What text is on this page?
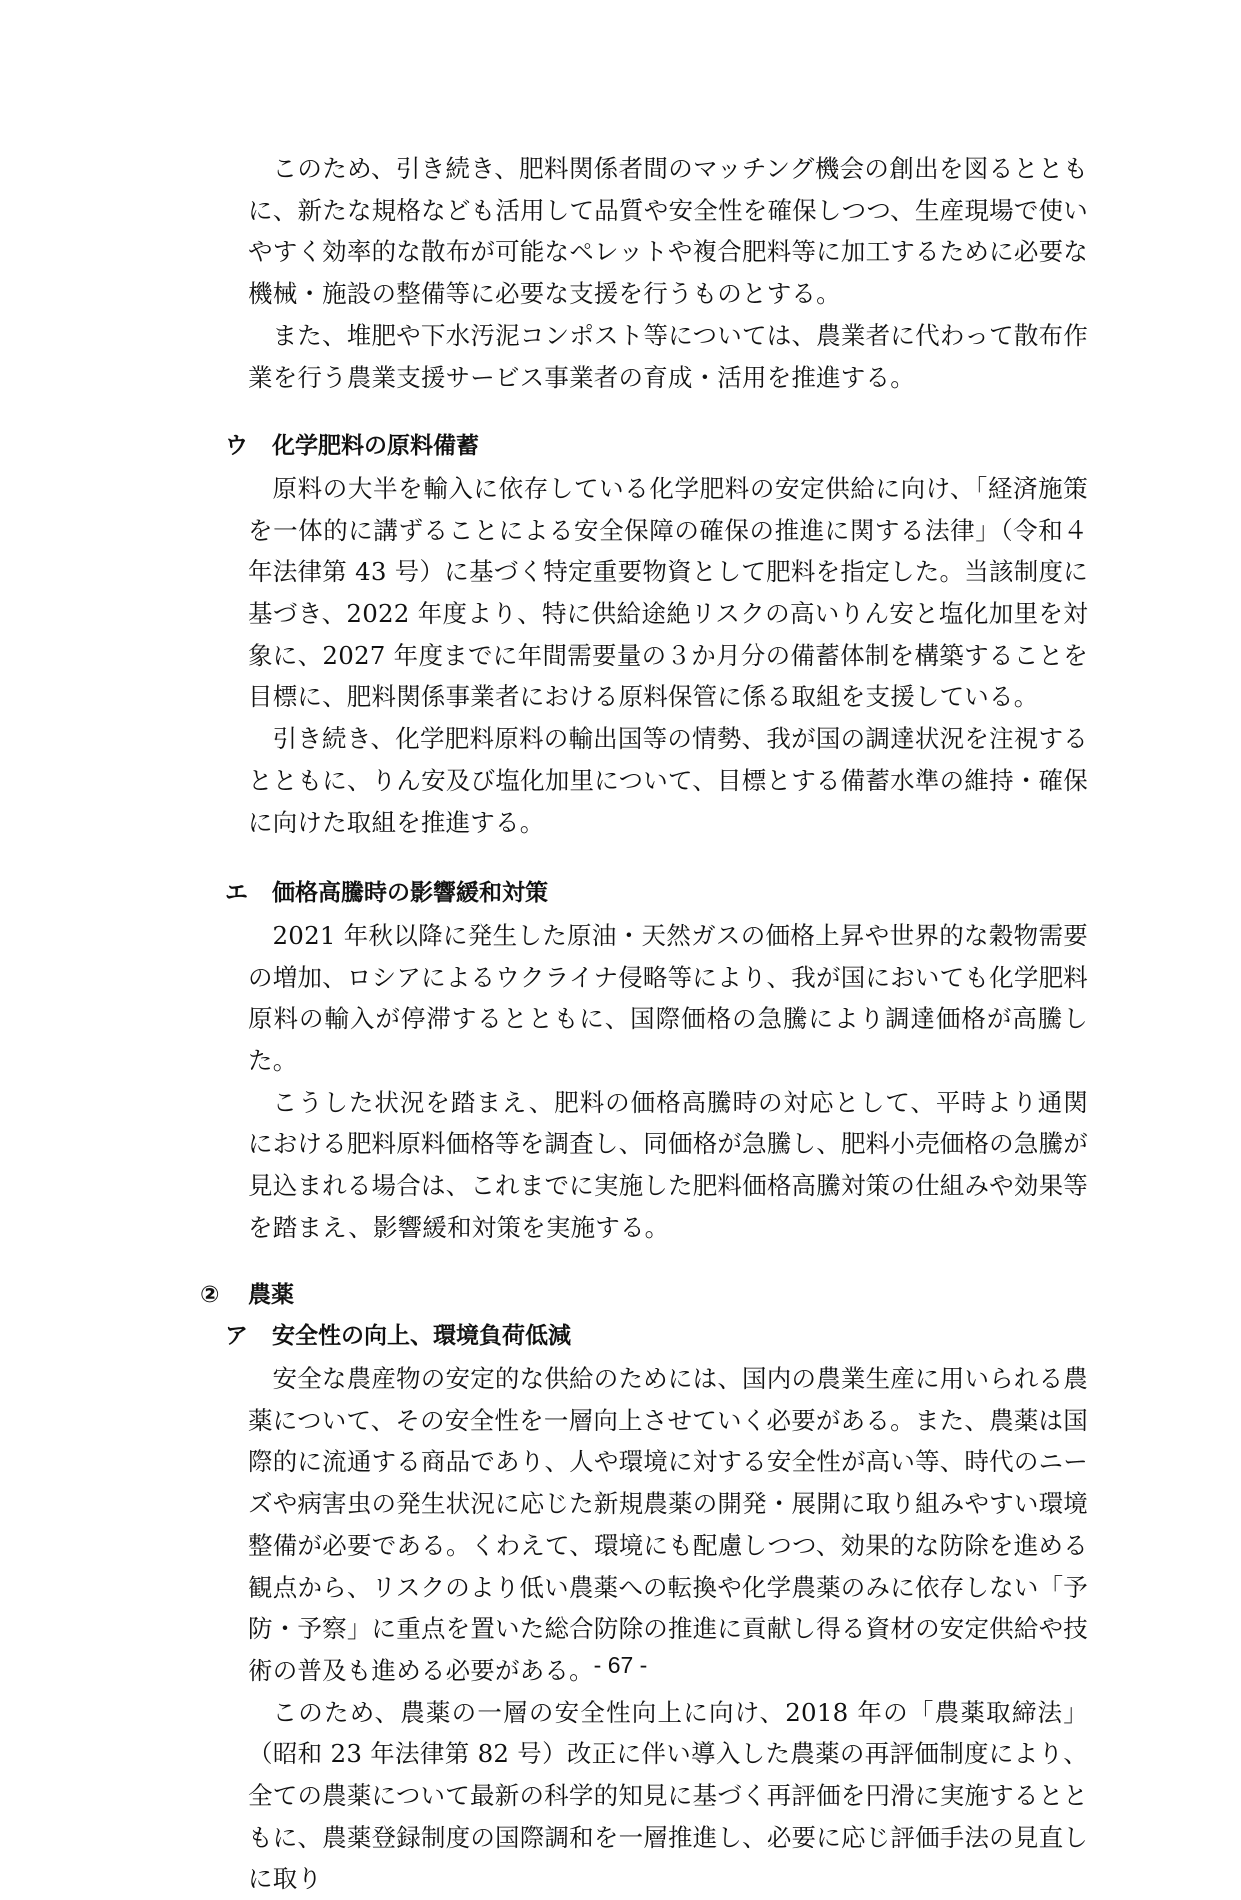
このため、引き続き、肥料関係者間のマッチング機会の創出を図るとともに、新たな規格なども活用して品質や安全性を確保しつつ、生産現場で使いやすく効率的な散布が可能なペレットや複合肥料等に加工するために必要な機械・施設の整備等に必要な支援を行うものとする。

また、堆肥や下水汚泥コンポスト等については、農業者に代わって散布作業を行う農業支援サービス事業者の育成・活用を推進する。

ウ 化学肥料の原料備蓄

原料の大半を輸入に依存している化学肥料の安定供給に向け、「経済施策を一体的に講ずることによる安全保障の確保の推進に関する法律」（令和４年法律第 43 号）に基づく特定重要物資として肥料を指定した。当該制度に基づき、2022 年度より、特に供給途絶リスクの高いりん安と塩化加里を対象に、2027 年度までに年間需要量の３か月分の備蓄体制を構築することを目標に、肥料関係事業者における原料保管に係る取組を支援している。

引き続き、化学肥料原料の輸出国等の情勢、我が国の調達状況を注視するとともに、りん安及び塩化加里について、目標とする備蓄水準の維持・確保に向けた取組を推進する。

エ 価格高騰時の影響緩和対策

2021 年秋以降に発生した原油・天然ガスの価格上昇や世界的な穀物需要の増加、ロシアによるウクライナ侵略等により、我が国においても化学肥料原料の輸入が停滞するとともに、国際価格の急騰により調達価格が高騰した。

こうした状況を踏まえ、肥料の価格高騰時の対応として、平時より通関における肥料原料価格等を調査し、同価格が急騰し、肥料小売価格の急騰が見込まれる場合は、これまでに実施した肥料価格高騰対策の仕組みや効果等を踏まえ、影響緩和対策を実施する。

② 農薬
ア 安全性の向上、環境負荷低減

安全な農産物の安定的な供給のためには、国内の農業生産に用いられる農薬について、その安全性を一層向上させていく必要がある。また、農薬は国際的に流通する商品であり、人や環境に対する安全性が高い等、時代のニーズや病害虫の発生状況に応じた新規農薬の開発・展開に取り組みやすい環境整備が必要である。くわえて、環境にも配慮しつつ、効果的な防除を進める観点から、リスクのより低い農薬への転換や化学農薬のみに依存しない「予防・予察」に重点を置いた総合防除の推進に貢献し得る資材の安定供給や技術の普及も進める必要がある。

このため、農薬の一層の安全性向上に向け、2018 年の「農薬取締法」（昭和 23 年法律第 82 号）改正に伴い導入した農薬の再評価制度により、全ての農薬について最新の科学的知見に基づく再評価を円滑に実施するとともに、農薬登録制度の国際調和を一層推進し、必要に応じ評価手法の見直しに取り

- 67 -
